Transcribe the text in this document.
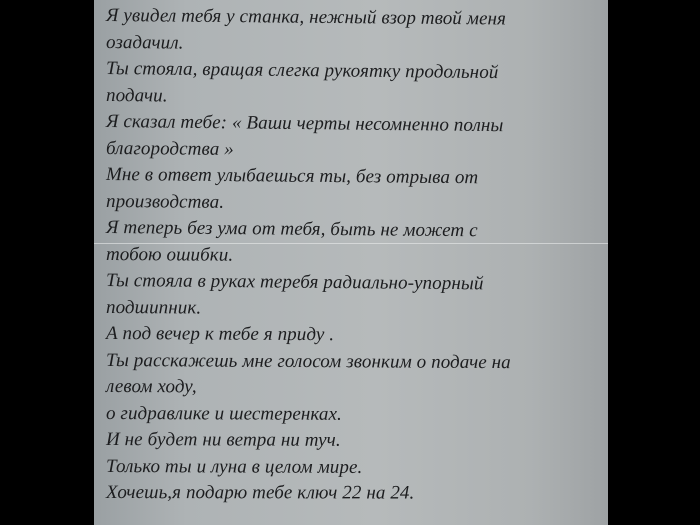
Я увидел тебя у станка, нежный взор твой меня
озадачил.
Ты стояла, вращая слегка рукоятку продольной
подачи.
Я сказал тебе: « Ваши черты несомненно полны
благородства »
Мне в ответ улыбаешься ты, без отрыва от
производства.
Я теперь без ума от тебя, быть не может с
тобою ошибки.
Ты стояла в руках теребя радиально-упорный
подшипник.
А под вечер к тебе я приду .
Ты расскажешь мне голосом звонким о подаче на
левом ходу,
о гидравлике и шестеренках.
И не будет ни ветра ни туч.
Только ты и луна в целом мире.
Хочешь,я подарю тебе ключ 22 на 24.
